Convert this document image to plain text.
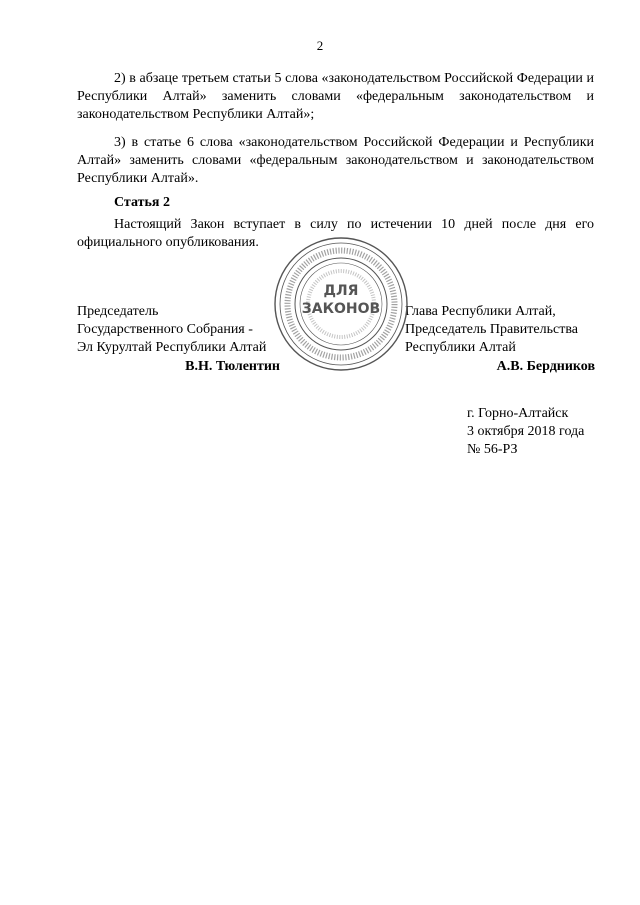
2

2) в абзаце третьем статьи 5 слова «законодательством Российской Федерации и Республики Алтай» заменить словами «федеральным законодательством и законодательством Республики Алтай»;

3) в статье 6 слова «законодательством Российской Федерации и Республики Алтай» заменить словами «федеральным законодательством и законодательством Республики Алтай».

Статья 2

Настоящий Закон вступает в силу по истечении 10 дней после дня его официального опубликования.

Председатель
Государственного Собрания -
Эл Курултай Республики Алтай
В.Н. Тюлентин
Глава Республики Алтай,
Председатель Правительства
Республики Алтай
А.В. Бердников
ДЛЯ
ЗАКОНОВ
г. Горно-Алтайск
3 октября 2018 года
№ 56-РЗ
